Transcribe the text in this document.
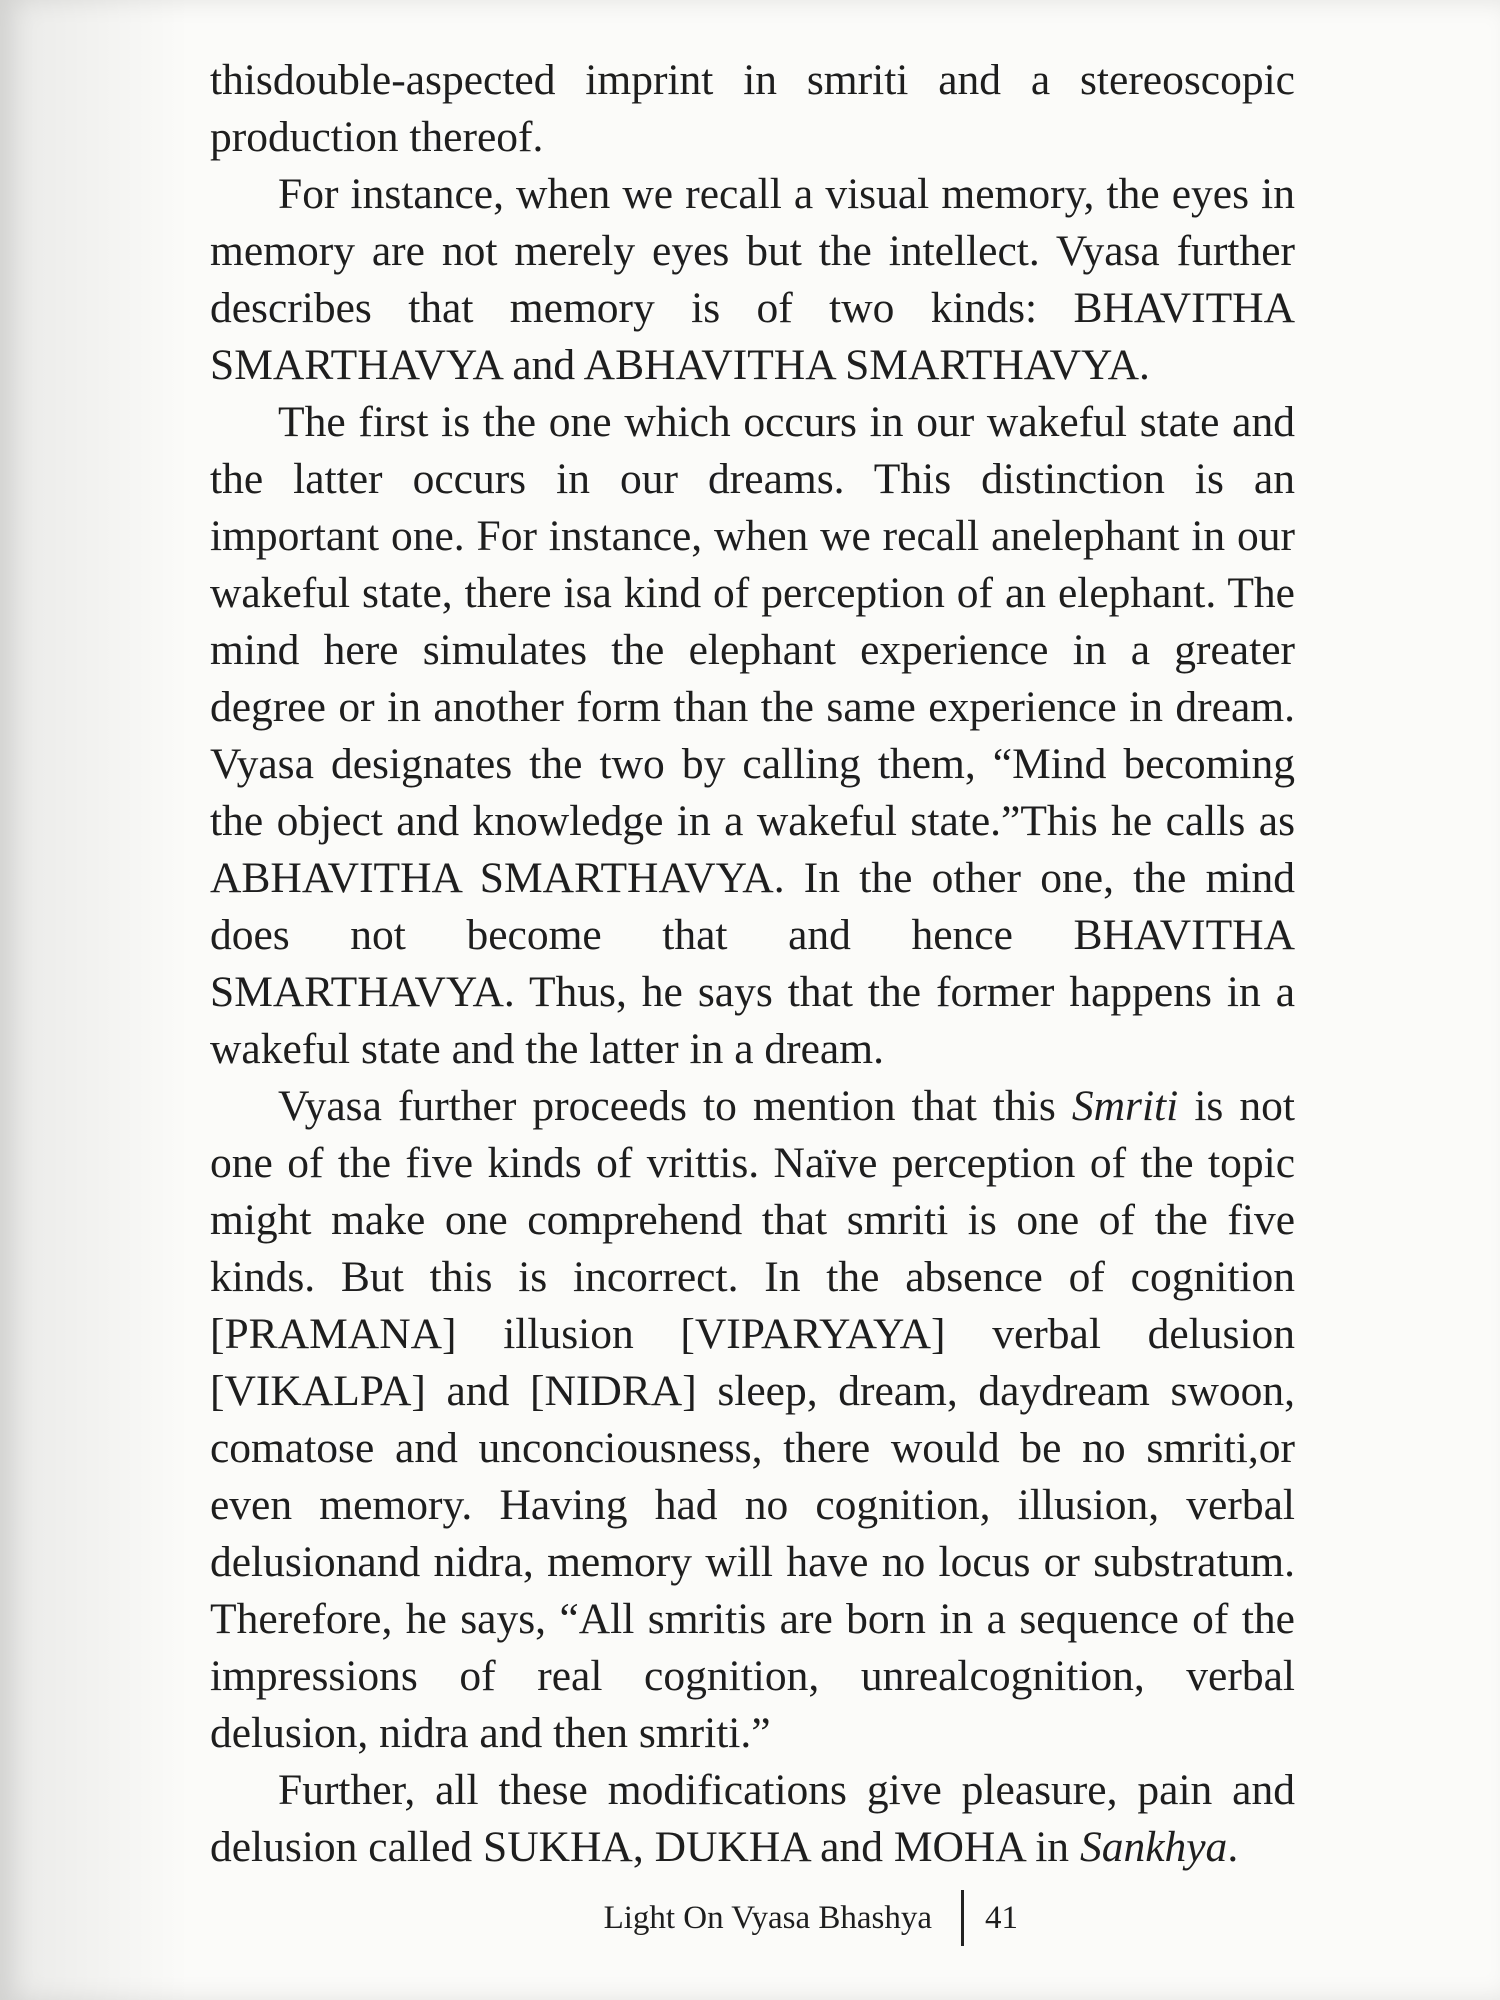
thisdouble-aspected imprint in smriti and a stereoscopic production thereof.

For instance, when we recall a visual memory, the eyes in memory are not merely eyes but the intellect. Vyasa further describes that memory is of two kinds: BHAVITHA SMARTHAVYA and ABHAVITHA SMARTHAVYA.

The first is the one which occurs in our wakeful state and the latter occurs in our dreams. This distinction is an important one. For instance, when we recall anelephant in our wakeful state, there isa kind of perception of an elephant. The mind here simulates the elephant experience in a greater degree or in another form than the same experience in dream. Vyasa designates the two by calling them, “Mind becoming the object and knowledge in a wakeful state.”This he calls as ABHAVITHA SMARTHAVYA. In the other one, the mind does not become that and hence BHAVITHA SMARTHAVYA. Thus, he says that the former happens in a wakeful state and the latter in a dream.

Vyasa further proceeds to mention that this Smriti is not one of the five kinds of vrittis. Naïve perception of the topic might make one comprehend that smriti is one of the five kinds. But this is incorrect. In the absence of cognition [PRAMANA] illusion [VIPARYAYA] verbal delusion [VIKALPA] and [NIDRA] sleep, dream, daydream swoon, comatose and unconciousness, there would be no smriti,or even memory. Having had no cognition, illusion, verbal delusionand nidra, memory will have no locus or substratum. Therefore, he says, “All smritis are born in a sequence of the impressions of real cognition, unrealcognition, verbal delusion, nidra and then smriti.”

Further, all these modifications give pleasure, pain and delusion called SUKHA, DUKHA and MOHA in Sankhya.

Light On Vyasa Bhashya 41
